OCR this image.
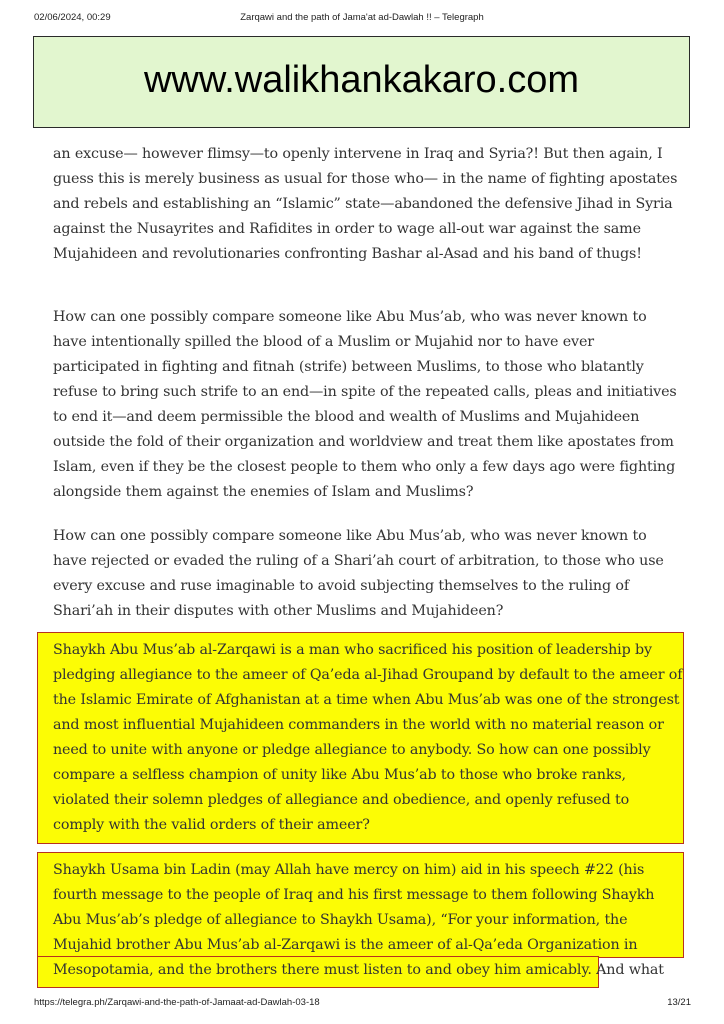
02/06/2024, 00:29	Zarqawi and the path of Jama'at ad-Dawlah !! – Telegraph
www.walikhankakaro.com

an excuse— however flimsy—to openly intervene in Iraq and Syria?! But then again, I guess this is merely business as usual for those who— in the name of fighting apostates and rebels and establishing an “Islamic” state—abandoned the defensive Jihad in Syria against the Nusayrites and Rafidites in order to wage all-out war against the same Mujahideen and revolutionaries confronting Bashar al-Asad and his band of thugs!

How can one possibly compare someone like Abu Mus’ab, who was never known to have intentionally spilled the blood of a Muslim or Mujahid nor to have ever participated in fighting and fitnah (strife) between Muslims, to those who blatantly refuse to bring such strife to an end—in spite of the repeated calls, pleas and initiatives to end it—and deem permissible the blood and wealth of Muslims and Mujahideen outside the fold of their organization and worldview and treat them like apostates from Islam, even if they be the closest people to them who only a few days ago were fighting alongside them against the enemies of Islam and Muslims?

How can one possibly compare someone like Abu Mus’ab, who was never known to have rejected or evaded the ruling of a Shari’ah court of arbitration, to those who use every excuse and ruse imaginable to avoid subjecting themselves to the ruling of Shari’ah in their disputes with other Muslims and Mujahideen?

Shaykh Abu Mus’ab al-Zarqawi is a man who sacrificed his position of leadership by pledging allegiance to the ameer of Qa’eda al-Jihad Groupand by default to the ameer of the Islamic Emirate of Afghanistan at a time when Abu Mus’ab was one of the strongest and most influential Mujahideen commanders in the world with no material reason or need to unite with anyone or pledge allegiance to anybody. So how can one possibly compare a selfless champion of unity like Abu Mus’ab to those who broke ranks, violated their solemn pledges of allegiance and obedience, and openly refused to comply with the valid orders of their ameer?

Shaykh Usama bin Ladin (may Allah have mercy on him) aid in his speech #22 (his fourth message to the people of Iraq and his first message to them following Shaykh Abu Mus’ab’s pledge of allegiance to Shaykh Usama), “For your information, the Mujahid brother Abu Mus’ab al-Zarqawi is the ameer of al-Qa’eda Organization in Mesopotamia, and the brothers there must listen to and obey him amicably. And what

https://telegra.ph/Zarqawi-and-the-path-of-Jamaat-ad-Dawlah-03-18	13/21
